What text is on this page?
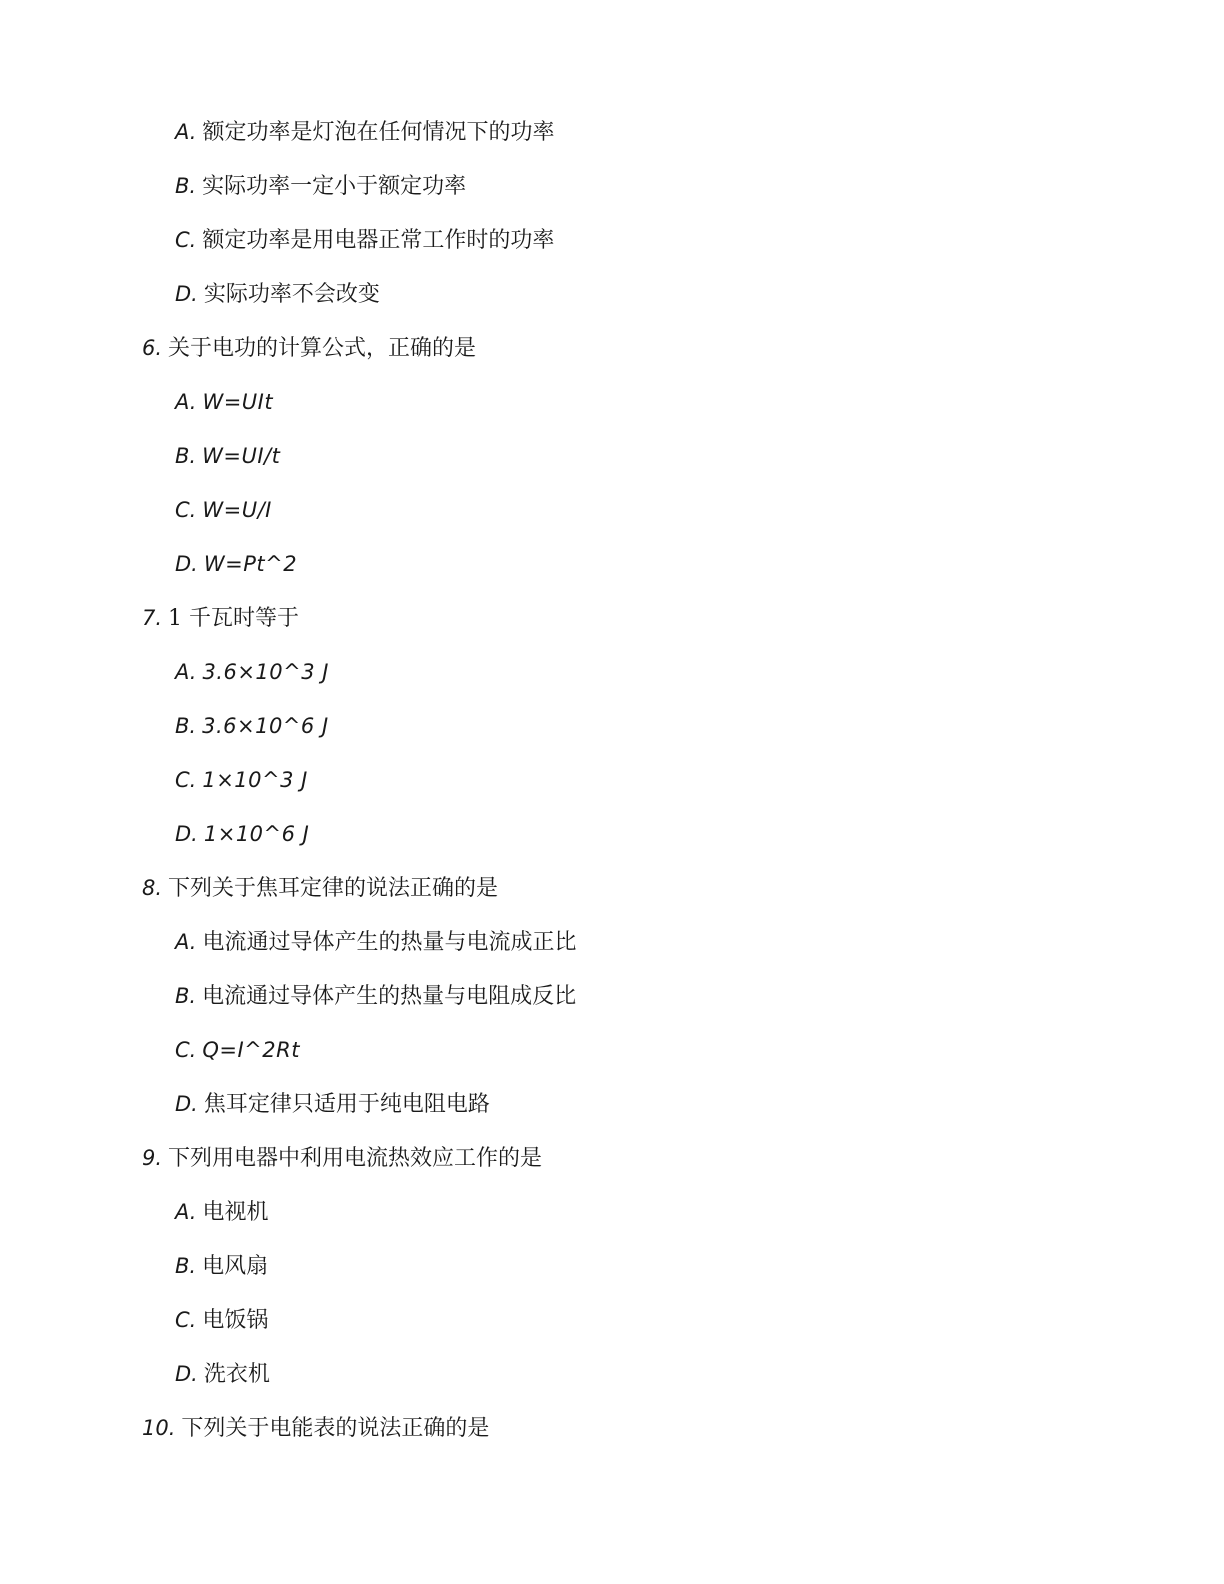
A. 额定功率是灯泡在任何情况下的功率
B. 实际功率一定小于额定功率
C. 额定功率是用电器正常工作时的功率
D. 实际功率不会改变
6. 关于电功的计算公式，正确的是
A. W=UIt
B. W=UI/t
C. W=U/I
D. W=Pt^2
7. 1 千瓦时等于
A. 3.6×10^3 J
B. 3.6×10^6 J
C. 1×10^3 J
D. 1×10^6 J
8. 下列关于焦耳定律的说法正确的是
A. 电流通过导体产生的热量与电流成正比
B. 电流通过导体产生的热量与电阻成反比
C. Q=I^2Rt
D. 焦耳定律只适用于纯电阻电路
9. 下列用电器中利用电流热效应工作的是
A. 电视机
B. 电风扇
C. 电饭锅
D. 洗衣机
10. 下列关于电能表的说法正确的是
